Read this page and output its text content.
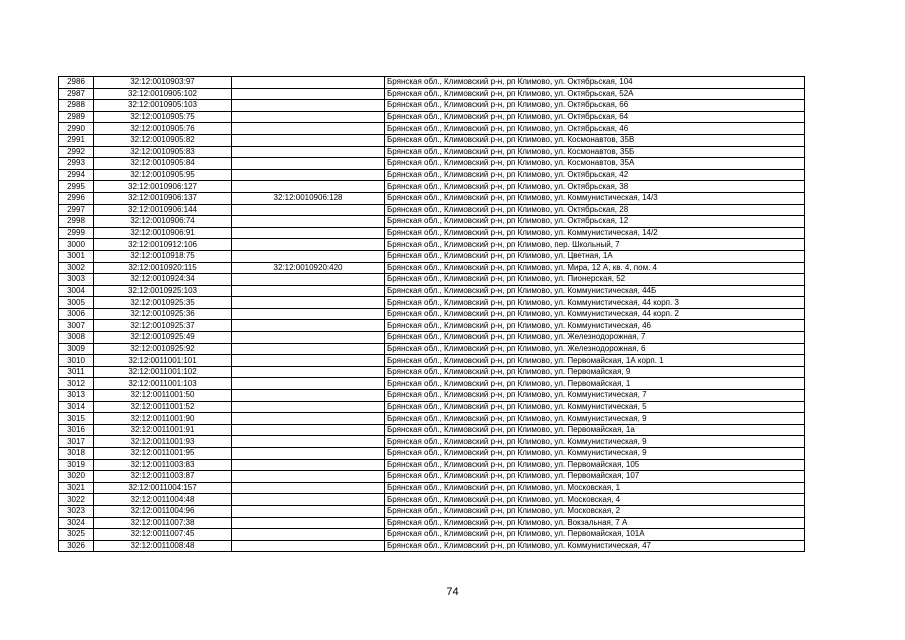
2986	32:12:0010903:97		Брянская обл., Климовский р-н, рп Климово, ул. Октябрьская, 104
2987	32:12:0010905:102		Брянская обл., Климовский р-н, рп Климово, ул. Октябрьская, 52А
2988	32:12:0010905:103		Брянская обл., Климовский р-н, рп Климово, ул. Октябрьская, 66
2989	32:12:0010905:75		Брянская обл., Климовский р-н, рп Климово, ул. Октябрьская, 64
2990	32:12:0010905:76		Брянская обл., Климовский р-н, рп Климово, ул. Октябрьская, 46
2991	32:12:0010905:82		Брянская обл., Климовский р-н, рп Климово, ул. Космонавтов, 35В
2992	32:12:0010905:83		Брянская обл., Климовский р-н, рп Климово, ул. Космонавтов, 35Б
2993	32:12:0010905:84		Брянская обл., Климовский р-н, рп Климово, ул. Космонавтов, 35А
2994	32:12:0010905:95		Брянская обл., Климовский р-н, рп Климово, ул. Октябрьская, 42
2995	32:12:0010906:127		Брянская обл., Климовский р-н, рп Климово, ул. Октябрьская, 38
2996	32:12:0010906:137	32:12:0010906:128	Брянская обл., Климовский р-н, рп Климово, ул. Коммунистическая, 14/3
2997	32:12:0010906:144		Брянская обл., Климовский р-н, рп Климово, ул. Октябрьская, 28
2998	32:12:0010906:74		Брянская обл., Климовский р-н, рп Климово, ул. Октябрьская, 12
2999	32:12:0010906:91		Брянская обл., Климовский р-н, рп Климово, ул. Коммунистическая, 14/2
3000	32:12:0010912:106		Брянская обл., Климовский р-н, рп Климово, пер. Школьный, 7
3001	32:12:0010918:75		Брянская обл., Климовский р-н, рп Климово, ул. Цветная, 1А
3002	32:12:0010920:115	32:12:0010920:420	Брянская обл., Климовский р-н, рп Климово, ул. Мира, 12 А, кв. 4, пом. 4
3003	32:12:0010924:34		Брянская обл., Климовский р-н, рп Климово, ул. Пионерская, 52
3004	32:12:0010925:103		Брянская обл., Климовский р-н, рп Климово, ул. Коммунистическая, 44Б
3005	32:12:0010925:35		Брянская обл., Климовский р-н, рп Климово, ул. Коммунистическая, 44 корп. 3
3006	32:12:0010925:36		Брянская обл., Климовский р-н, рп Климово, ул. Коммунистическая, 44 корп. 2
3007	32:12:0010925:37		Брянская обл., Климовский р-н, рп Климово, ул. Коммунистическая, 46
3008	32:12:0010925:49		Брянская обл., Климовский р-н, рп Климово, ул. Железнодорожная, 7
3009	32:12:0010925:92		Брянская обл., Климовский р-н, рп Климово, ул. Железнодорожная, 6
3010	32:12:0011001:101		Брянская обл., Климовский р-н, рп Климово, ул. Первомайская, 1А корп. 1
3011	32:12:0011001:102		Брянская обл., Климовский р-н, рп Климово, ул. Первомайская, 9
3012	32:12:0011001:103		Брянская обл., Климовский р-н, рп Климово, ул. Первомайская, 1
3013	32:12:0011001:50		Брянская обл., Климовский р-н, рп Климово, ул. Коммунистическая, 7
3014	32:12:0011001:52		Брянская обл., Климовский р-н, рп Климово, ул. Коммунистическая, 5
3015	32:12:0011001:90		Брянская обл., Климовский р-н, рп Климово, ул. Коммунистическая, 9
3016	32:12:0011001:91		Брянская обл., Климовский р-н, рп Климово, ул. Первомайская, 1а
3017	32:12:0011001:93		Брянская обл., Климовский р-н, рп Климово, ул. Коммунистическая, 9
3018	32:12:0011001:95		Брянская обл., Климовский р-н, рп Климово, ул. Коммунистическая, 9
3019	32:12:0011003:83		Брянская обл., Климовский р-н, рп Климово, ул. Первомайская, 105
3020	32:12:0011003:87		Брянская обл., Климовский р-н, рп Климово, ул. Первомайская, 107
3021	32:12:0011004:157		Брянская обл., Климовский р-н, рп Климово, ул. Московская, 1
3022	32:12:0011004:48		Брянская обл., Климовский р-н, рп Климово, ул. Московская, 4
3023	32:12:0011004:96		Брянская обл., Климовский р-н, рп Климово, ул. Московская, 2
3024	32:12:0011007:38		Брянская обл., Климовский р-н, рп Климово, ул. Вокзальная, 7 А
3025	32:12:0011007:45		Брянская обл., Климовский р-н, рп Климово, ул. Первомайская, 101А
3026	32:12:0011008:48		Брянская обл., Климовский р-н, рп Климово, ул. Коммунистическая, 47
74
